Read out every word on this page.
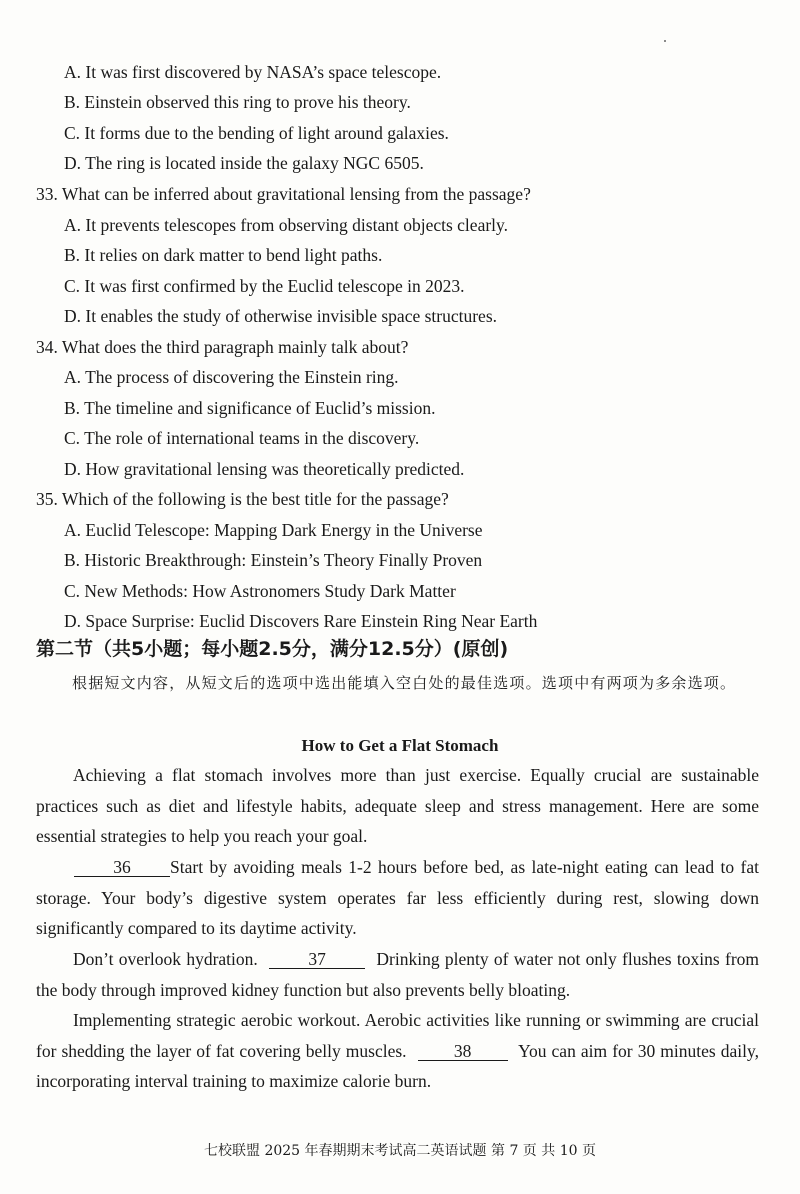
A. It was first discovered by NASA’s space telescope.
B. Einstein observed this ring to prove his theory.
C. It forms due to the bending of light around galaxies.
D. The ring is located inside the galaxy NGC 6505.
33. What can be inferred about gravitational lensing from the passage?
A. It prevents telescopes from observing distant objects clearly.
B. It relies on dark matter to bend light paths.
C. It was first confirmed by the Euclid telescope in 2023.
D. It enables the study of otherwise invisible space structures.
34. What does the third paragraph mainly talk about?
A. The process of discovering the Einstein ring.
B. The timeline and significance of Euclid’s mission.
C. The role of international teams in the discovery.
D. How gravitational lensing was theoretically predicted.
35. Which of the following is the best title for the passage?
A. Euclid Telescope: Mapping Dark Energy in the Universe
B. Historic Breakthrough: Einstein’s Theory Finally Proven
C. New Methods: How Astronomers Study Dark Matter
D. Space Surprise: Euclid Discovers Rare Einstein Ring Near Earth
第二节（共5小题；每小题2.5分，满分12.5分）(原创)
根据短文内容，从短文后的选项中选出能填入空白处的最佳选项。选项中有两项为多余选项。
How to Get a Flat Stomach
Achieving a flat stomach involves more than just exercise. Equally crucial are sustainable practices such as diet and lifestyle habits, adequate sleep and stress management. Here are some essential strategies to help you reach your goal.
36 Start by avoiding meals 1-2 hours before bed, as late-night eating can lead to fat storage. Your body’s digestive system operates far less efficiently during rest, slowing down significantly compared to its daytime activity.
Don’t overlook hydration.	37	Drinking plenty of water not only flushes toxins from the body through improved kidney function but also prevents belly bloating.
Implementing strategic aerobic workout. Aerobic activities like running or swimming are crucial for shedding the layer of fat covering belly muscles.	38	You can aim for 30 minutes daily, incorporating interval training to maximize calorie burn.
七校联盟 2025 年春期期末考试高二英语试题 第 7 页 共 10 页
